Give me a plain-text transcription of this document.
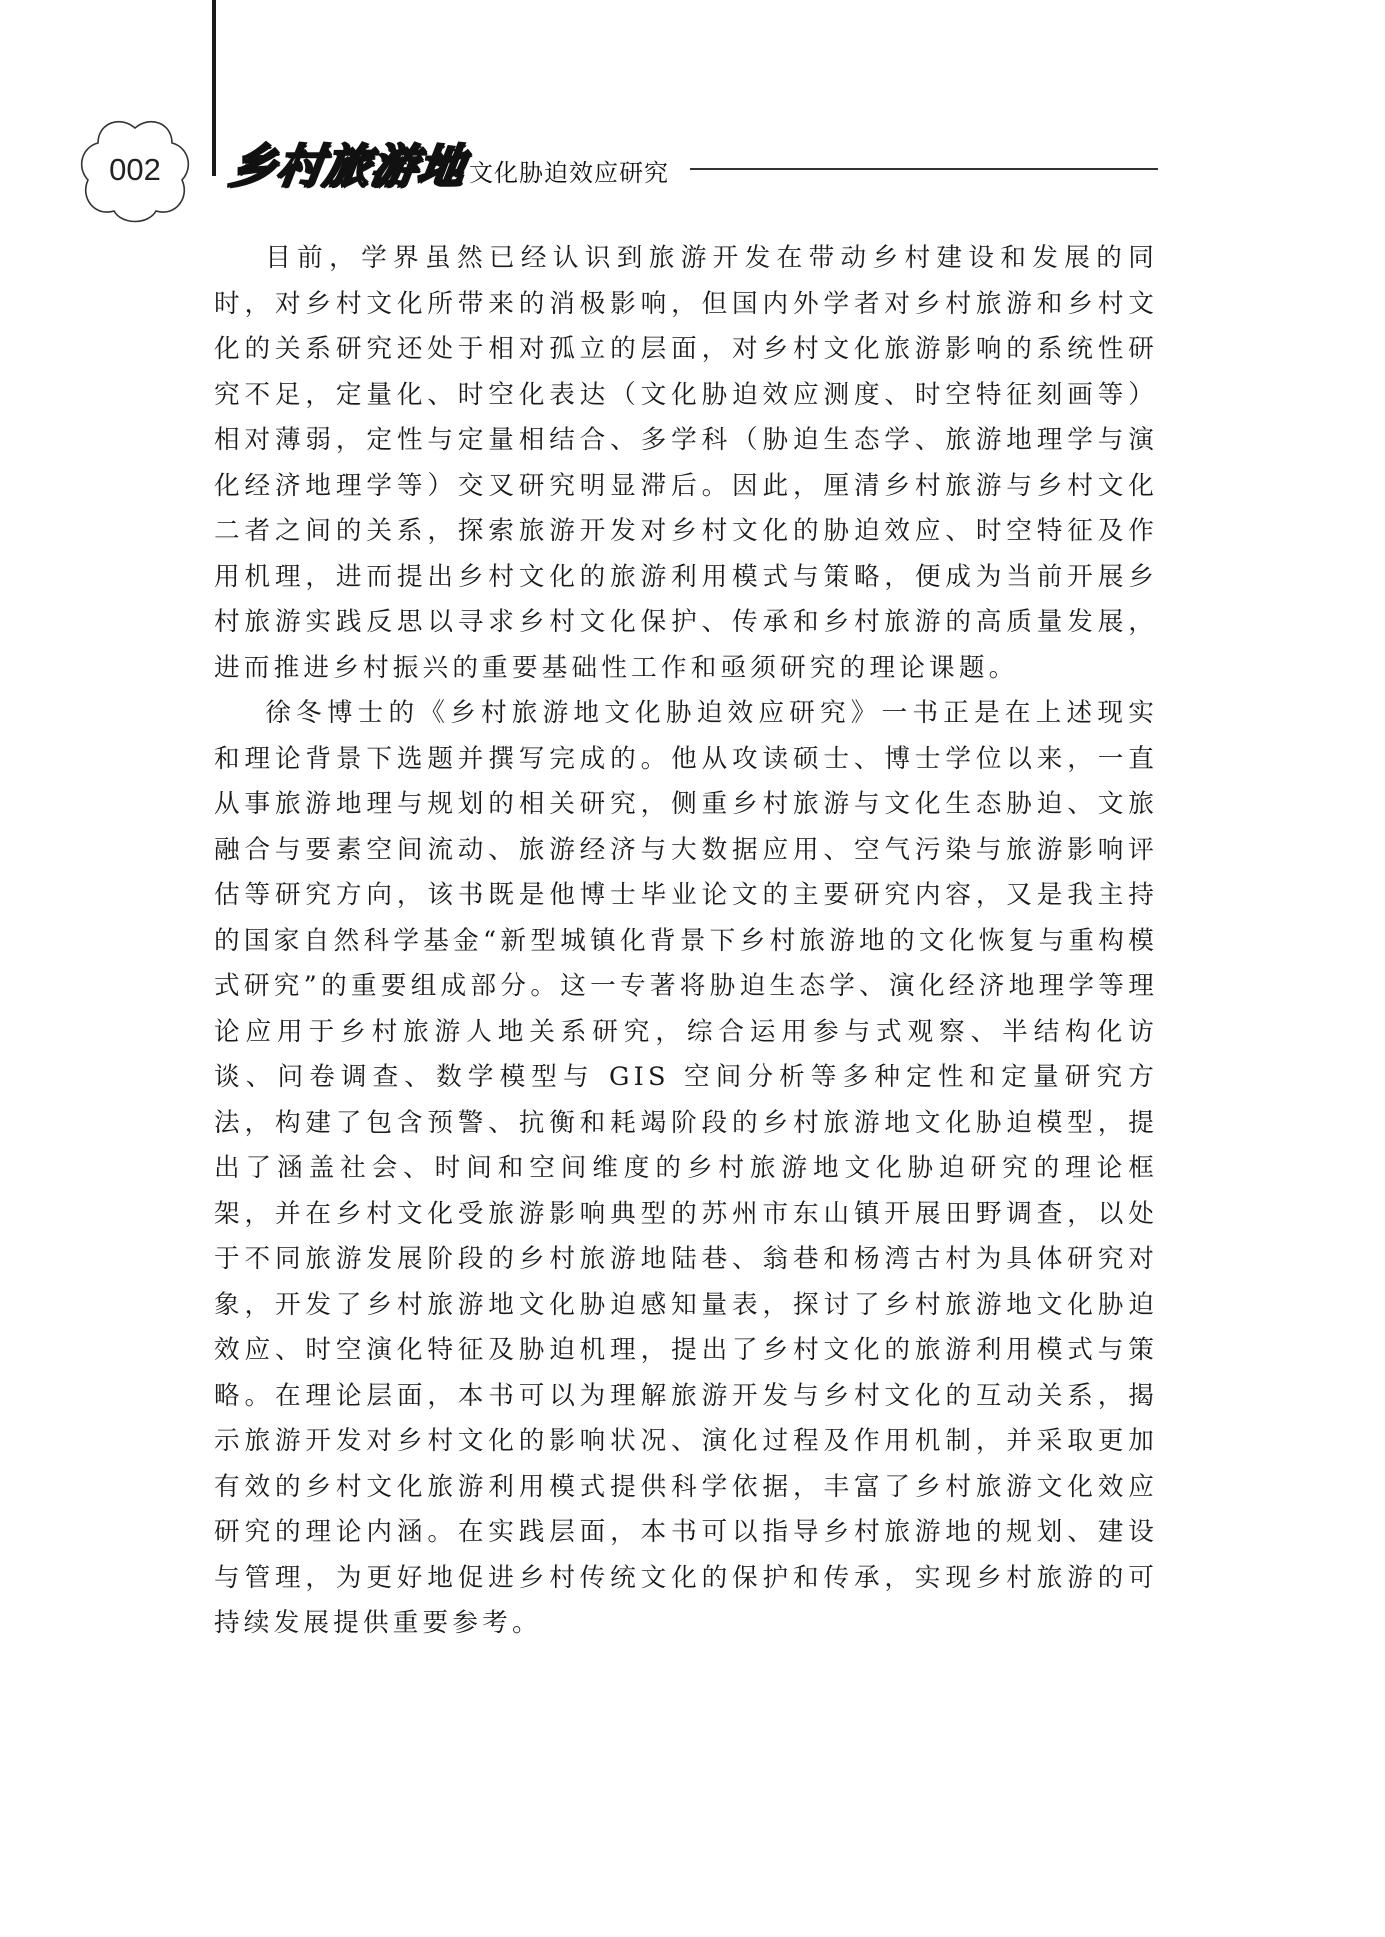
002	乡村旅游地 文化胁迫效应研究

目前，学界虽然已经认识到旅游开发在带动乡村建设和发展的同时，对乡村文化所带来的消极影响，但国内外学者对乡村旅游和乡村文化的关系研究还处于相对孤立的层面，对乡村文化旅游影响的系统性研究不足，定量化、时空化表达（文化胁迫效应测度、时空特征刻画等）相对薄弱，定性与定量相结合、多学科（胁迫生态学、旅游地理学与演化经济地理学等）交叉研究明显滞后。因此，厘清乡村旅游与乡村文化二者之间的关系，探索旅游开发对乡村文化的胁迫效应、时空特征及作用机理，进而提出乡村文化的旅游利用模式与策略，便成为当前开展乡村旅游实践反思以寻求乡村文化保护、传承和乡村旅游的高质量发展，进而推进乡村振兴的重要基础性工作和亟须研究的理论课题。

徐冬博士的《乡村旅游地文化胁迫效应研究》一书正是在上述现实和理论背景下选题并撰写完成的。他从攻读硕士、博士学位以来，一直从事旅游地理与规划的相关研究，侧重乡村旅游与文化生态胁迫、文旅融合与要素空间流动、旅游经济与大数据应用、空气污染与旅游影响评估等研究方向，该书既是他博士毕业论文的主要研究内容，又是我主持的国家自然科学基金“新型城镇化背景下乡村旅游地的文化恢复与重构模式研究”的重要组成部分。这一专著将胁迫生态学、演化经济地理学等理论应用于乡村旅游人地关系研究，综合运用参与式观察、半结构化访谈、问卷调查、数学模型与 GIS 空间分析等多种定性和定量研究方法，构建了包含预警、抗衡和耗竭阶段的乡村旅游地文化胁迫模型，提出了涵盖社会、时间和空间维度的乡村旅游地文化胁迫研究的理论框架，并在乡村文化受旅游影响典型的苏州市东山镇开展田野调查，以处于不同旅游发展阶段的乡村旅游地陆巷、翁巷和杨湾古村为具体研究对象，开发了乡村旅游地文化胁迫感知量表，探讨了乡村旅游地文化胁迫效应、时空演化特征及胁迫机理，提出了乡村文化的旅游利用模式与策略。在理论层面，本书可以为理解旅游开发与乡村文化的互动关系，揭示旅游开发对乡村文化的影响状况、演化过程及作用机制，并采取更加有效的乡村文化旅游利用模式提供科学依据，丰富了乡村旅游文化效应研究的理论内涵。在实践层面，本书可以指导乡村旅游地的规划、建设与管理，为更好地促进乡村传统文化的保护和传承，实现乡村旅游的可持续发展提供重要参考。
